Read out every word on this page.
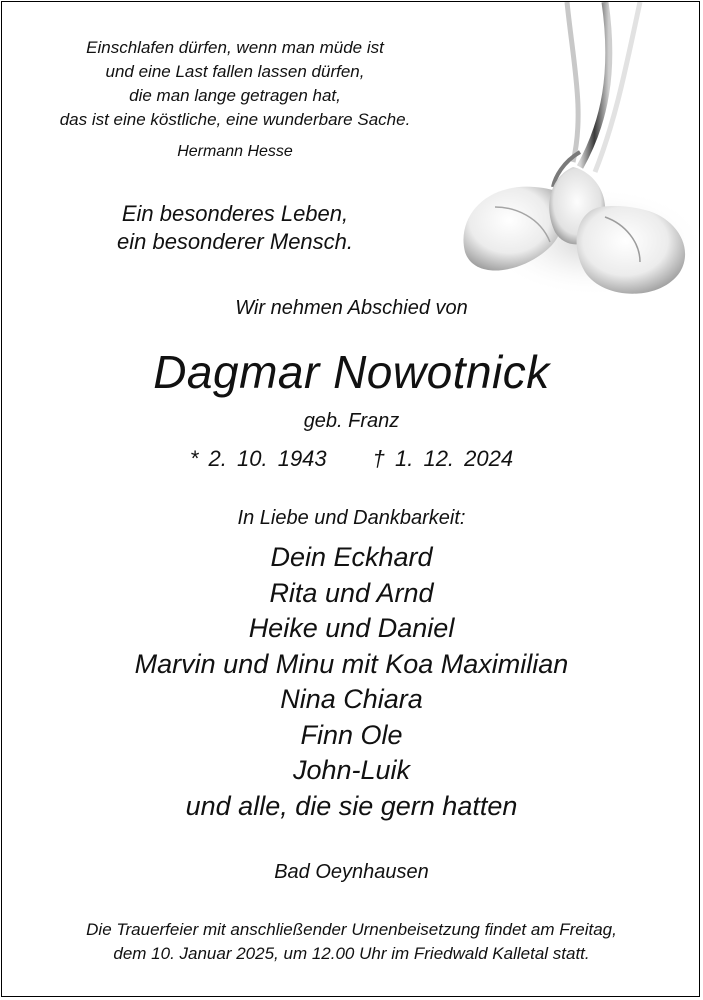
Einschlafen dürfen, wenn man müde ist
und eine Last fallen lassen dürfen,
die man lange getragen hat,
das ist eine köstliche, eine wunderbare Sache.
Hermann Hesse
Ein besonderes Leben,
ein besonderer Mensch.
Wir nehmen Abschied von
Dagmar Nowotnick
geb. Franz
* 2. 10. 1943 † 1. 12. 2024
In Liebe und Dankbarkeit:
Dein Eckhard
Rita und Arnd
Heike und Daniel
Marvin und Minu mit Koa Maximilian
Nina Chiara
Finn Ole
John-Luik
und alle, die sie gern hatten
Bad Oeynhausen
Die Trauerfeier mit anschließender Urnenbeisetzung findet am Freitag,
dem 10. Januar 2025, um 12.00 Uhr im Friedwald Kalletal statt.
